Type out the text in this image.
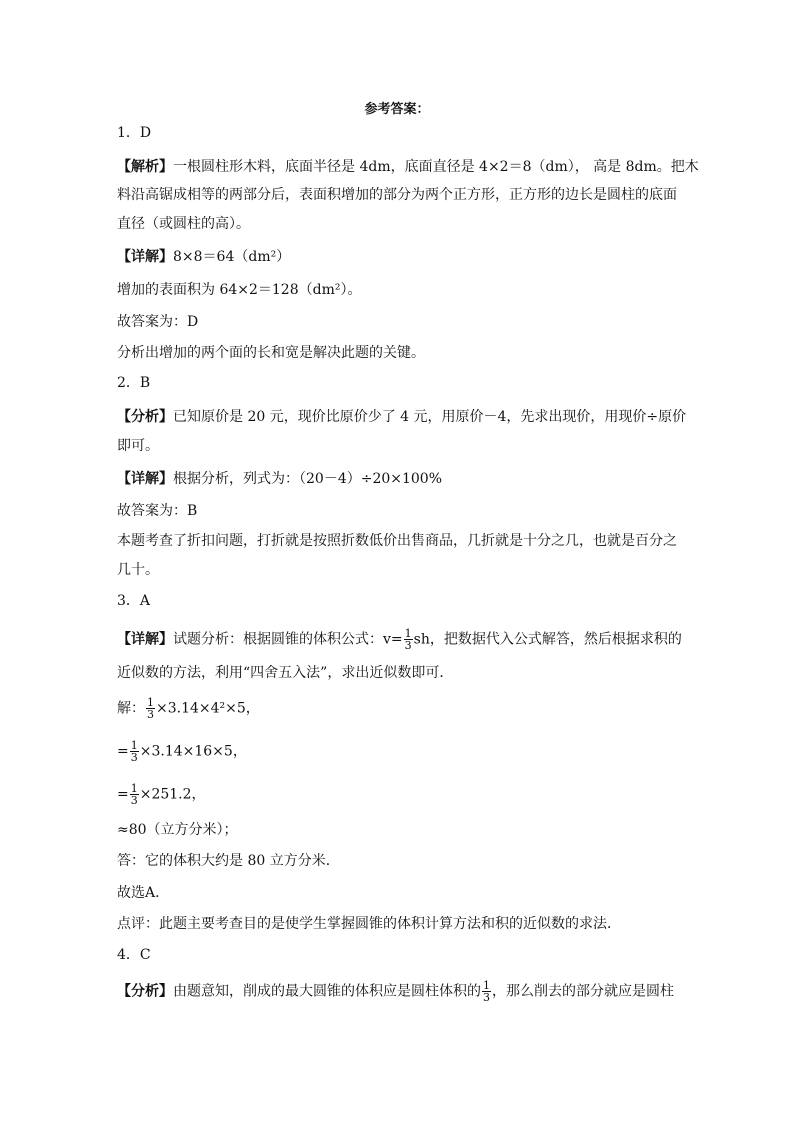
参考答案：
1．D
【解析】一根圆柱形木料，底面半径是 4dm，底面直径是 4×2＝8（dm）， 高是 8dm。把木
料沿高锯成相等的两部分后，表面积增加的部分为两个正方形，正方形的边长是圆柱的底面
直径（或圆柱的高）。
【详解】8×8＝64（dm²）
增加的表面积为 64×2＝128（dm²）。
故答案为：D
分析出增加的两个面的长和宽是解决此题的关键。
2．B
【分析】已知原价是 20 元，现价比原价少了 4 元，用原价－4，先求出现价，用现价÷原价
即可。
【详解】根据分析，列式为：（20－4）÷20×100%
故答案为：B
本题考查了折扣问题，打折就是按照折数低价出售商品，几折就是十分之几，也就是百分之
几十。
3．A
【详解】试题分析：根据圆锥的体积公式：$v= \frac{1}{3}$ sh，把数据代入公式解答，然后根据求积的
近似数的方法，利用“四舍五入法”，求出近似数即可．
解： $\frac{1}{3} \times 3.14\times 4^2\times 5$，
= $\frac{1}{3} \times 3.14\times 16\times 5$，
= $\frac{1}{3} \times 251.2$，
≈80（立方分米）；
答：它的体积大约是 80 立方分米．
故选A．
点评：此题主要考查目的是使学生掌握圆锥的体积计算方法和积的近似数的求法．
4．C
【分析】由题意知，削成的最大圆锥的体积应是圆柱体积的 $\frac{1}{3}$ ，那么削去的部分就应是圆柱
